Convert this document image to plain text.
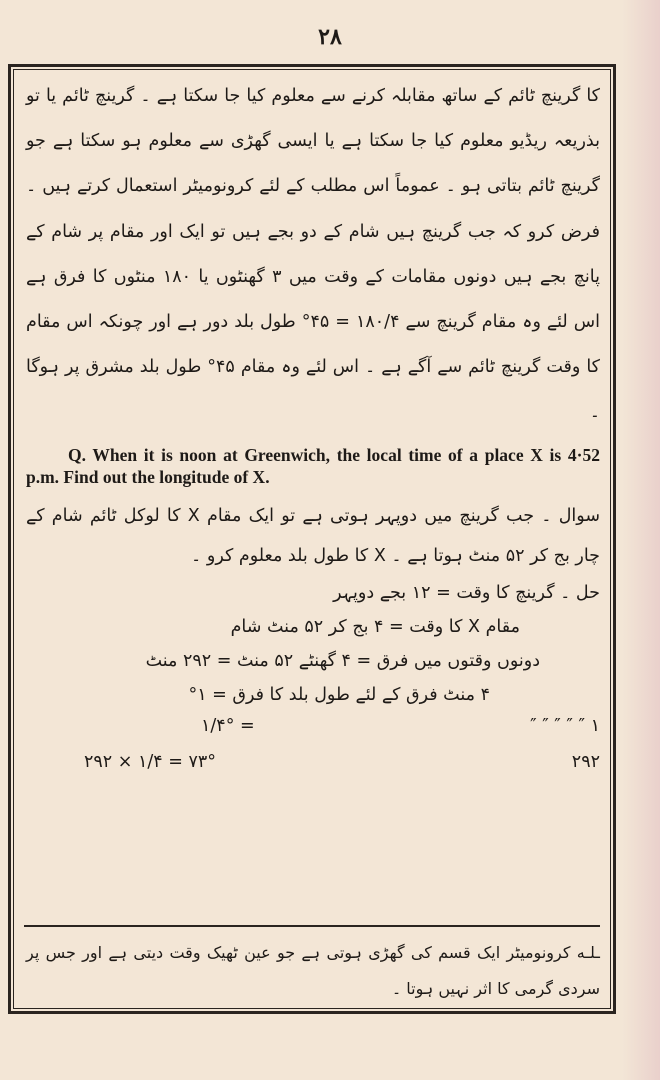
۲۸

کا گرینچ ٹائم کے ساتھ مقابلہ کرنے سے معلوم کیا جا سکتا ہے ۔ گرینچ ٹائم یا تو بذریعہ ریڈیو معلوم کیا جا سکتا ہے یا ایسی گھڑی سے معلوم ہو سکتا ہے جو گرینچ ٹائم بتاتی ہو ۔ عموماً اس مطلب کے لئے کرونومیٹر استعمال کرتے ہیں ۔ فرض کرو کہ جب گرینچ ہیں شام کے دو بجے ہیں تو ایک اور مقام پر شام کے پانچ بجے ہیں دونوں مقامات کے وقت میں ۳ گھنٹوں یا ۱۸۰ منٹوں کا فرق ہے اس لئے وہ مقام گرینچ سے ۱۸۰/۴ = ۴۵° طول بلد دور ہے اور چونکہ اس مقام کا وقت گرینچ ٹائم سے آگے ہے ۔ اس لئے وہ مقام ۴۵° طول بلد مشرق پر ہوگا ۔

Q. When it is noon at Greenwich, the local time of a place X is 4·52 p.m. Find out the longitude of X.

سوال ۔ جب گرینچ میں دوپہر ہوتی ہے تو ایک مقام X کا لوکل ٹائم شام کے چار بج کر ۵۲ منٹ ہوتا ہے ۔ X کا طول بلد معلوم کرو ۔

حل ۔ گرینچ کا وقت = ۱۲ بجے دوپہر
مقام X کا وقت = ۴ بج کر ۵۲ منٹ شام
دونوں وقتوں میں فرق = ۴ گھنٹے ۵۲ منٹ = ۲۹۲ منٹ
۴ منٹ فرق کے لئے طول بلد کا فرق = ۱°
١/۴° =	۱ ″ ″ ″ ″ ″
۲۹۲ × ١/۴ = ۷۳°	۲۹۲

ـلـه کرونومیٹر ایک قسم کی گھڑی ہوتی ہے جو عین ٹھیک وقت دیتی ہے اور جس پر سردی گرمی کا اثر نہیں ہوتا ۔
